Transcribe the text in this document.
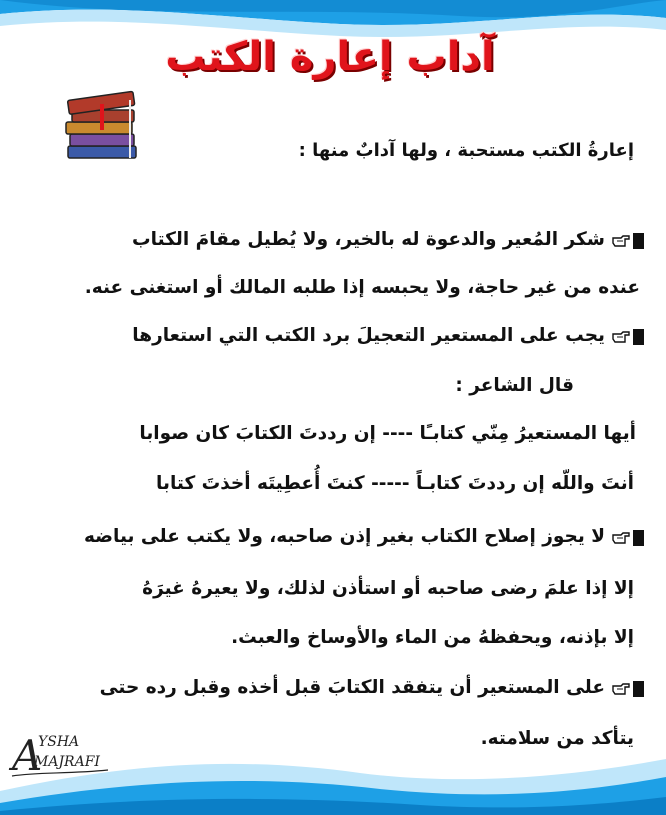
آداب إعارة الكتب
إعارةُ الكتب مستحبة ، ولها آدابٌ منها :
شكر المُعير والدعوة له بالخير، ولا يُطيل مقامَ الكتاب
عنده من غير حاجة، ولا يحبسه إذا طلبه المالك أو استغنى عنه.
يجب على المستعير التعجيلَ برد الكتب التي استعارها
قال الشاعر :
أيها المستعيرُ مِنّي كتابـًا ---- إن رددتَ الكتابَ كان صوابا
أنتَ واللّه إن رددتَ كتابـاً ----- كنتَ أُعطِيتَه أخذتَ كتابا
لا يجوز إصلاح الكتاب بغير إذن صاحبه، ولا يكتب على بياضه
إلا إذا علمَ رضى صاحبه أو استأذن لذلك، ولا يعيرهُ غيرَهُ
إلا بإذنه، ويحفظهُ من الماء والأوساخ والعبث.
على المستعير أن يتفقد الكتابَ قبل أخذه وقبل رده حتى
يتأكد من سلامته.
A
YSHA
MAJRAFI
